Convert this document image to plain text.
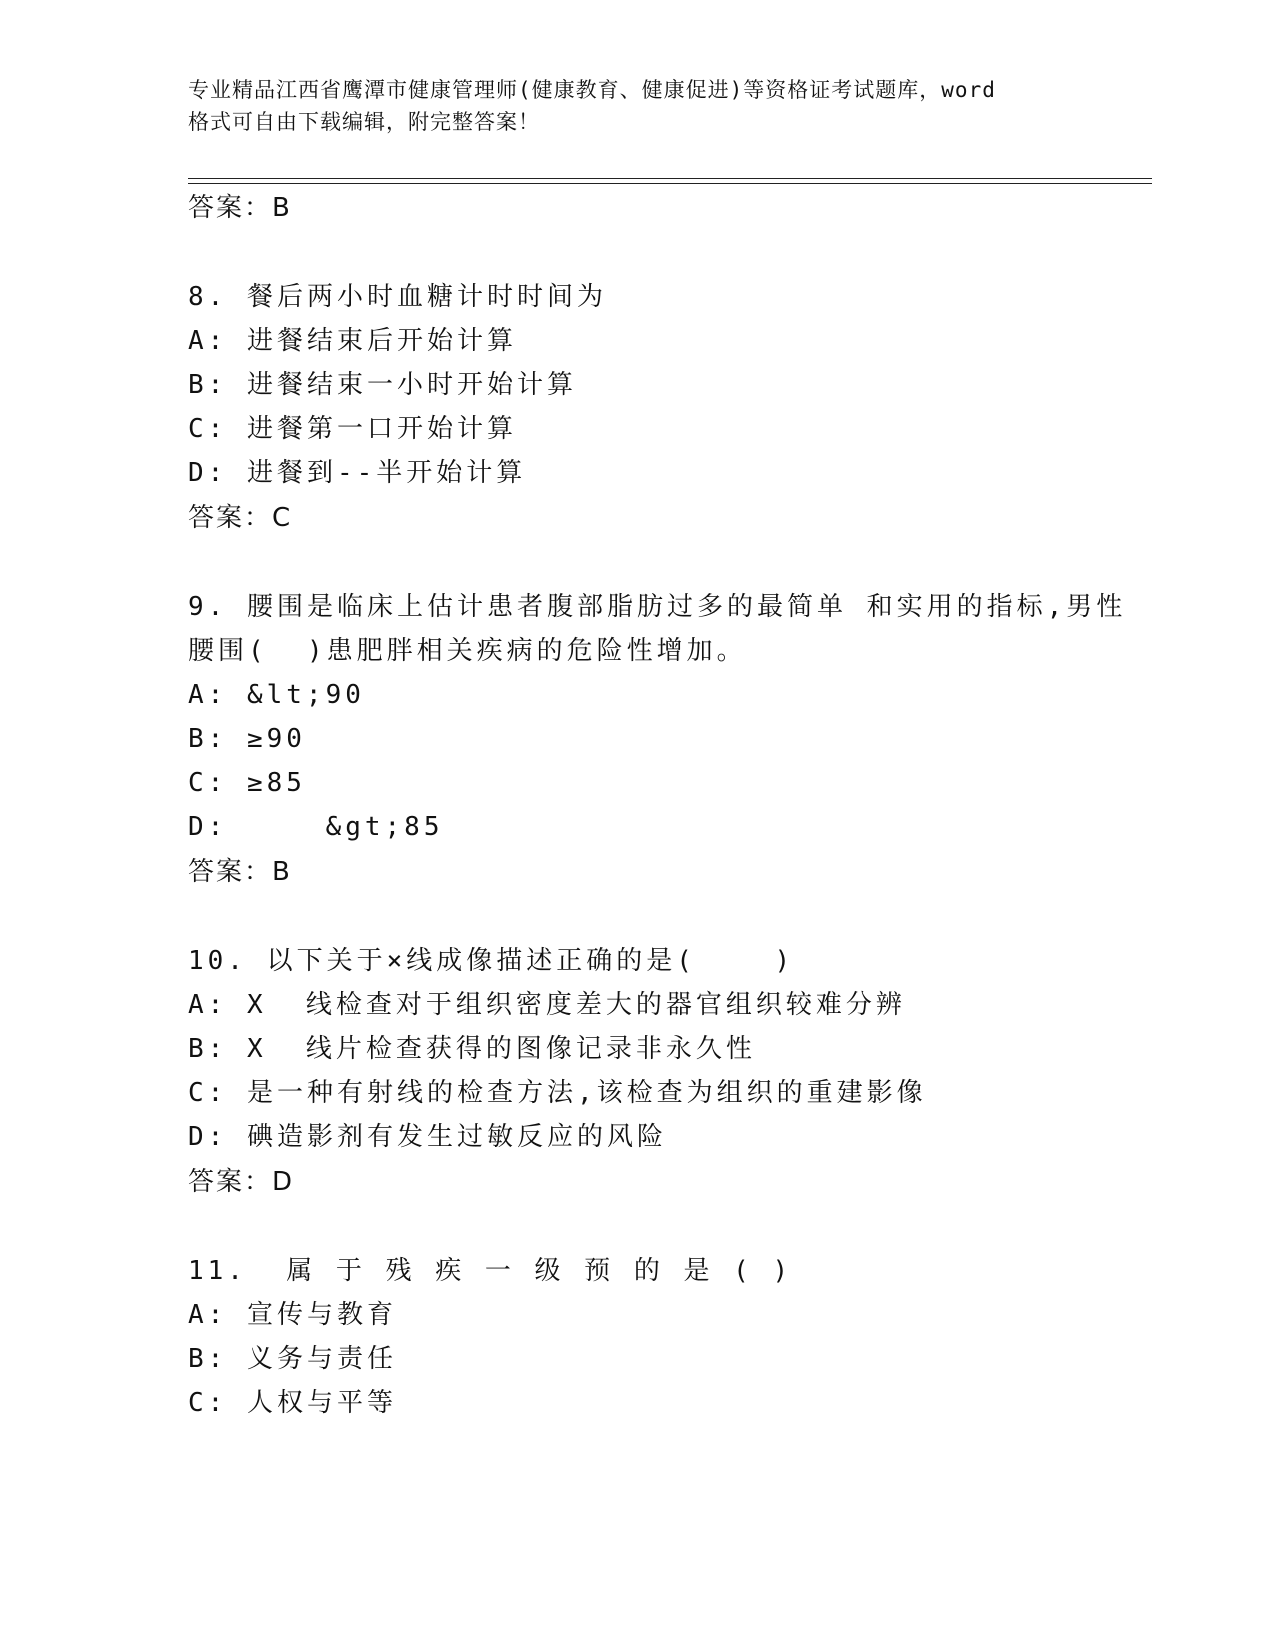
专业精品江西省鹰潭市健康管理师(健康教育、健康促进)等资格证考试题库，word
格式可自由下载编辑，附完整答案！
答案：B
8. 餐后两小时血糖计时时间为
A: 进餐结束后开始计算
B: 进餐结束一小时开始计算
C: 进餐第一口开始计算
D: 进餐到--半开始计算
答案：C
9. 腰围是临床上估计患者腹部脂肪过多的最简单 和实用的指标,男性
腰围(  )患肥胖相关疾病的危险性增加。
A: &lt;90
B: ≥90
C: ≥85
D:     &gt;85
答案：B
10. 以下关于×线成像描述正确的是(    )
A: X  线检查对于组织密度差大的器官组织较难分辨
B: X  线片检查获得的图像记录非永久性
C: 是一种有射线的检查方法,该检查为组织的重建影像
D: 碘造影剂有发生过敏反应的风险
答案：D
11.  属 于 残 疾 一 级 预 的 是 ( )
A: 宣传与教育
B: 义务与责任
C: 人权与平等
